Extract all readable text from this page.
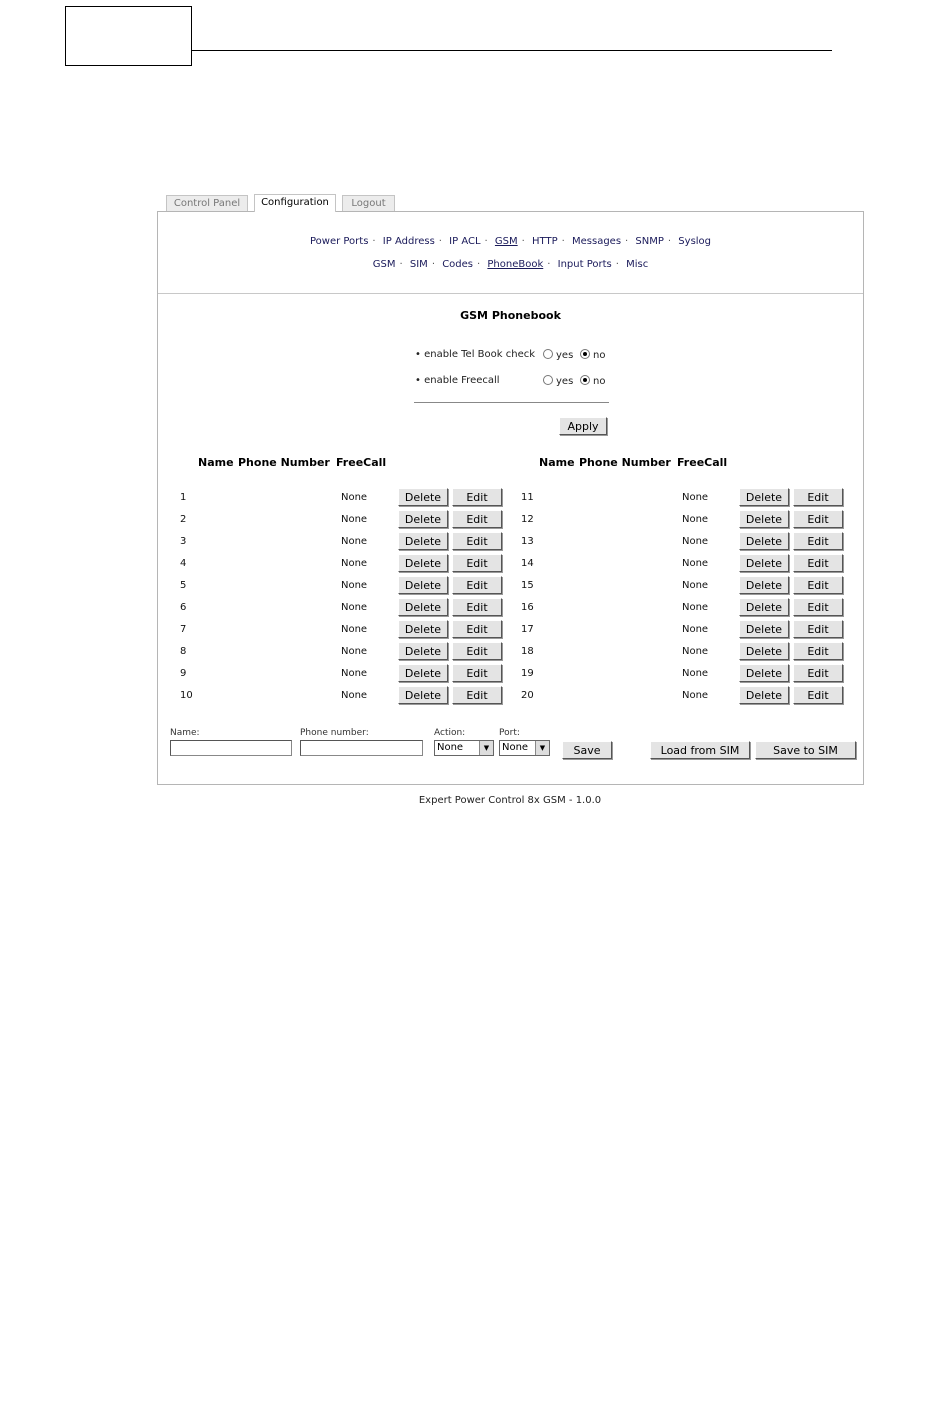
Control Panel	Configuration	Logout
Power Ports · IP Address · IP ACL · GSM · HTTP · Messages · SNMP · Syslog
GSM · SIM · Codes · PhoneBook · Input Ports · Misc
GSM Phonebook
• enable Tel Book check yes no
• enable Freecall	yes no
Apply
Name Phone Number FreeCall	Name Phone Number FreeCall
1	None	Delete	Edit
2	None	Delete	Edit
3	None	Delete	Edit
4	None	Delete	Edit
5	None	Delete	Edit
6	None	Delete	Edit
7	None	Delete	Edit
8	None	Delete	Edit
9	None	Delete	Edit
10	None	Delete	Edit
11	None	Delete	Edit
12	None	Delete	Edit
13	None	Delete	Edit
14	None	Delete	Edit
15	None	Delete	Edit
16	None	Delete	Edit
17	None	Delete	Edit
18	None	Delete	Edit
19	None	Delete	Edit
20	None	Delete	Edit
Name:	Phone number:	Action:
None	▼
Port:
None	▼	Save	Load from SIM	Save to SIM
Expert Power Control 8x GSM - 1.0.0
